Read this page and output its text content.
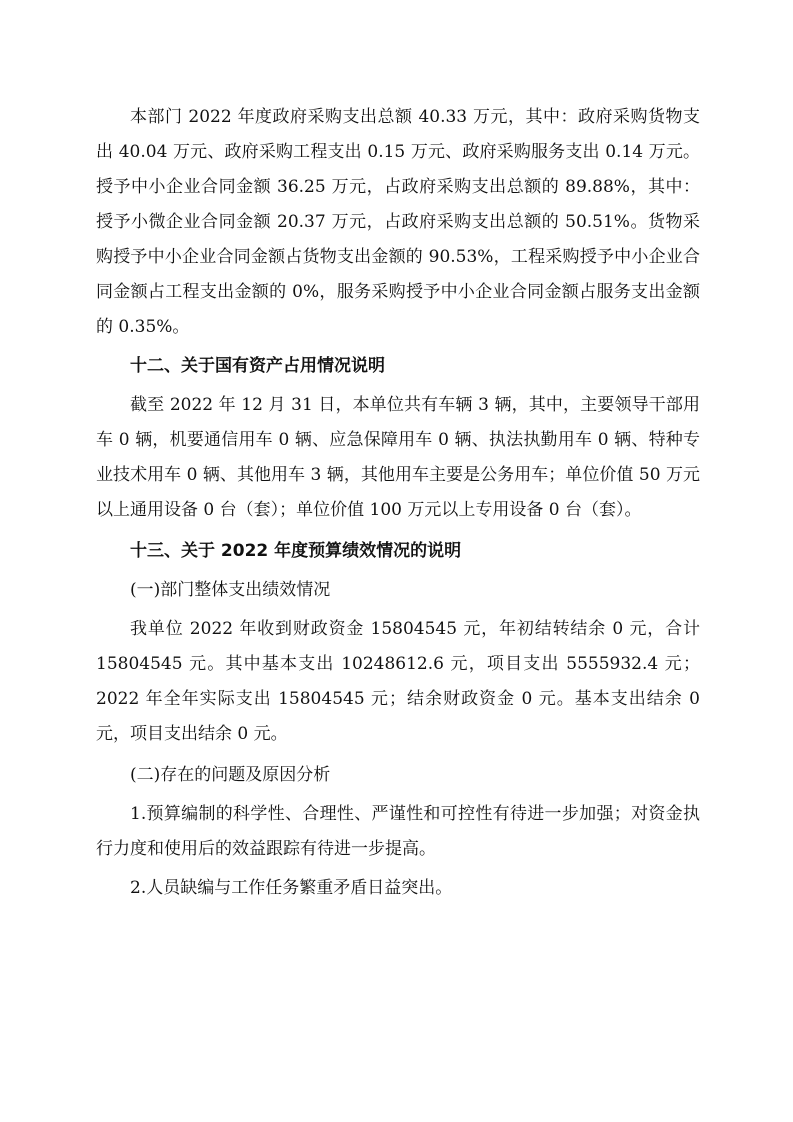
本部门 2022 年度政府采购支出总额 40.33 万元，其中：政府采购货物支出 40.04 万元、政府采购工程支出 0.15 万元、政府采购服务支出 0.14 万元。授予中小企业合同金额 36.25 万元，占政府采购支出总额的 89.88%，其中：授予小微企业合同金额 20.37 万元，占政府采购支出总额的 50.51%。货物采购授予中小企业合同金额占货物支出金额的 90.53%，工程采购授予中小企业合同金额占工程支出金额的 0%，服务采购授予中小企业合同金额占服务支出金额的 0.35%。

十二、关于国有资产占用情况说明

截至 2022 年 12 月 31 日，本单位共有车辆 3 辆，其中，主要领导干部用车 0 辆，机要通信用车 0 辆、应急保障用车 0 辆、执法执勤用车 0 辆、特种专业技术用车 0 辆、其他用车 3 辆，其他用车主要是公务用车；单位价值 50 万元以上通用设备 0 台（套）；单位价值 100 万元以上专用设备 0 台（套）。

十三、关于 2022 年度预算绩效情况的说明

(一)部门整体支出绩效情况

我单位 2022 年收到财政资金 15804545 元，年初结转结余 0 元，合计 15804545 元。其中基本支出 10248612.6 元，项目支出 5555932.4 元；2022 年全年实际支出 15804545 元；结余财政资金 0 元。基本支出结余 0 元，项目支出结余 0 元。

(二)存在的问题及原因分析

1.预算编制的科学性、合理性、严谨性和可控性有待进一步加强；对资金执行力度和使用后的效益跟踪有待进一步提高。

2.人员缺编与工作任务繁重矛盾日益突出。
